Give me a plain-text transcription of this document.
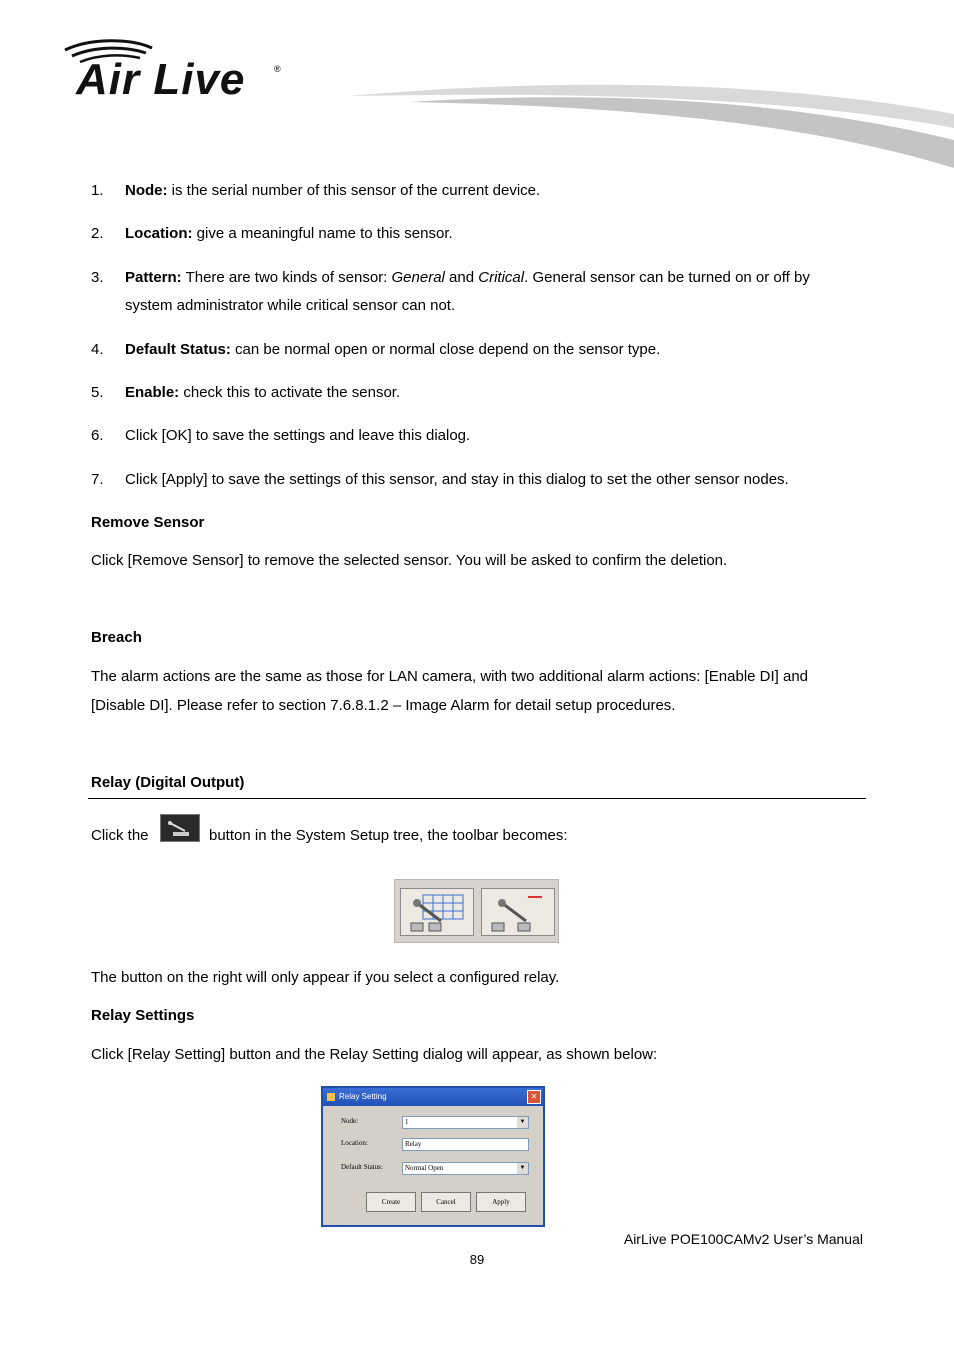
Air Live	®
1. Node: is the serial number of this sensor of the current device.
2. Location: give a meaningful name to this sensor.
3. Pattern: There are two kinds of sensor: General and Critical. General sensor can be turned on or off by
system administrator while critical sensor can not.
4. Default Status: can be normal open or normal close depend on the sensor type.
5. Enable: check this to activate the sensor.
6. Click [OK] to save the settings and leave this dialog.
7. Click [Apply] to save the settings of this sensor, and stay in this dialog to set the other sensor nodes.
Remove Sensor
Click [Remove Sensor] to remove the selected sensor. You will be asked to confirm the deletion.
Breach
The alarm actions are the same as those for LAN camera, with two additional alarm actions: [Enable DI] and
[Disable DI]. Please refer to section 7.6.8.1.2 – Image Alarm for detail setup procedures.
Relay (Digital Output)
Click the	button in the System Setup tree, the toolbar becomes:
The button on the right will only appear if you select a configured relay.
Relay Settings
Click [Relay Setting] button and the Relay Setting dialog will appear, as shown below:
Relay Setting	✕
Node:	1	▼
Location:	Relay
Default Status:	Normal Open	▼
Create	Cancel	Apply
AirLive POE100CAMv2 User’s Manual
89
